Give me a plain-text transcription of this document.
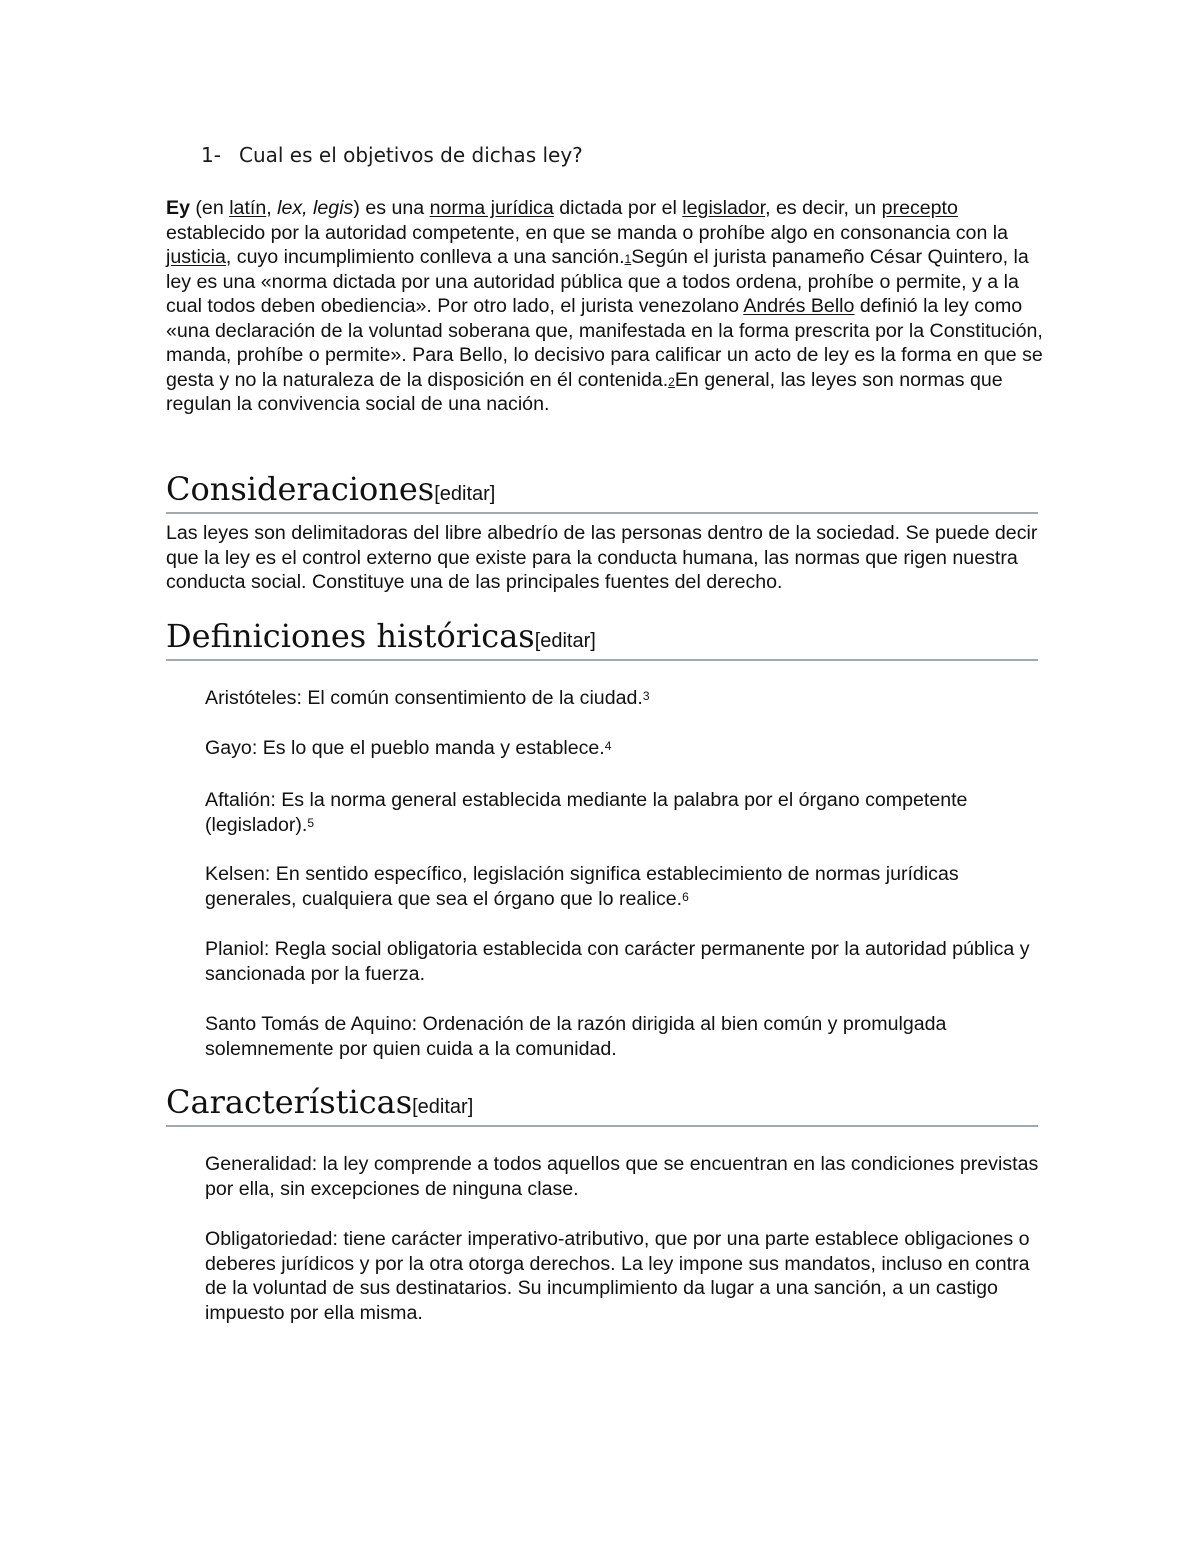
1- Cual es el objetivos de dichas ley?

Ey (en latín, lex, legis) es una norma jurídica dictada por el legislador, es decir, un precepto establecido por la autoridad competente, en que se manda o prohíbe algo en consonancia con la justicia, cuyo incumplimiento conlleva a una sanción.$^1$Según el jurista panameño César Quintero, la ley es una «norma dictada por una autoridad pública que a todos ordena, prohíbe o permite, y a la cual todos deben obediencia». Por otro lado, el jurista venezolano Andrés Bello definió la ley como «una declaración de la voluntad soberana que, manifestada en la forma prescrita por la Constitución, manda, prohíbe o permite». Para Bello, lo decisivo para calificar un acto de ley es la forma en que se gesta y no la naturaleza de la disposición en él contenida.$^2$En general, las leyes son normas que regulan la convivencia social de una nación.

Consideraciones[editar]

Las leyes son delimitadoras del libre albedrío de las personas dentro de la sociedad. Se puede decir que la ley es el control externo que existe para la conducta humana, las normas que rigen nuestra conducta social. Constituye una de las principales fuentes del derecho.

Definiciones históricas[editar]

Aristóteles: El común consentimiento de la ciudad.$^3$

Gayo: Es lo que el pueblo manda y establece.$^4$

Aftalión: Es la norma general establecida mediante la palabra por el órgano competente (legislador).$^5$

Kelsen: En sentido específico, legislación significa establecimiento de normas jurídicas generales, cualquiera que sea el órgano que lo realice.$^6$

Planiol: Regla social obligatoria establecida con carácter permanente por la autoridad pública y sancionada por la fuerza.

Santo Tomás de Aquino: Ordenación de la razón dirigida al bien común y promulgada solemnemente por quien cuida a la comunidad.

Características[editar]

Generalidad: la ley comprende a todos aquellos que se encuentran en las condiciones previstas por ella, sin excepciones de ninguna clase.

Obligatoriedad: tiene carácter imperativo-atributivo, que por una parte establece obligaciones o deberes jurídicos y por la otra otorga derechos. La ley impone sus mandatos, incluso en contra de la voluntad de sus destinatarios. Su incumplimiento da lugar a una sanción, a un castigo impuesto por ella misma.
